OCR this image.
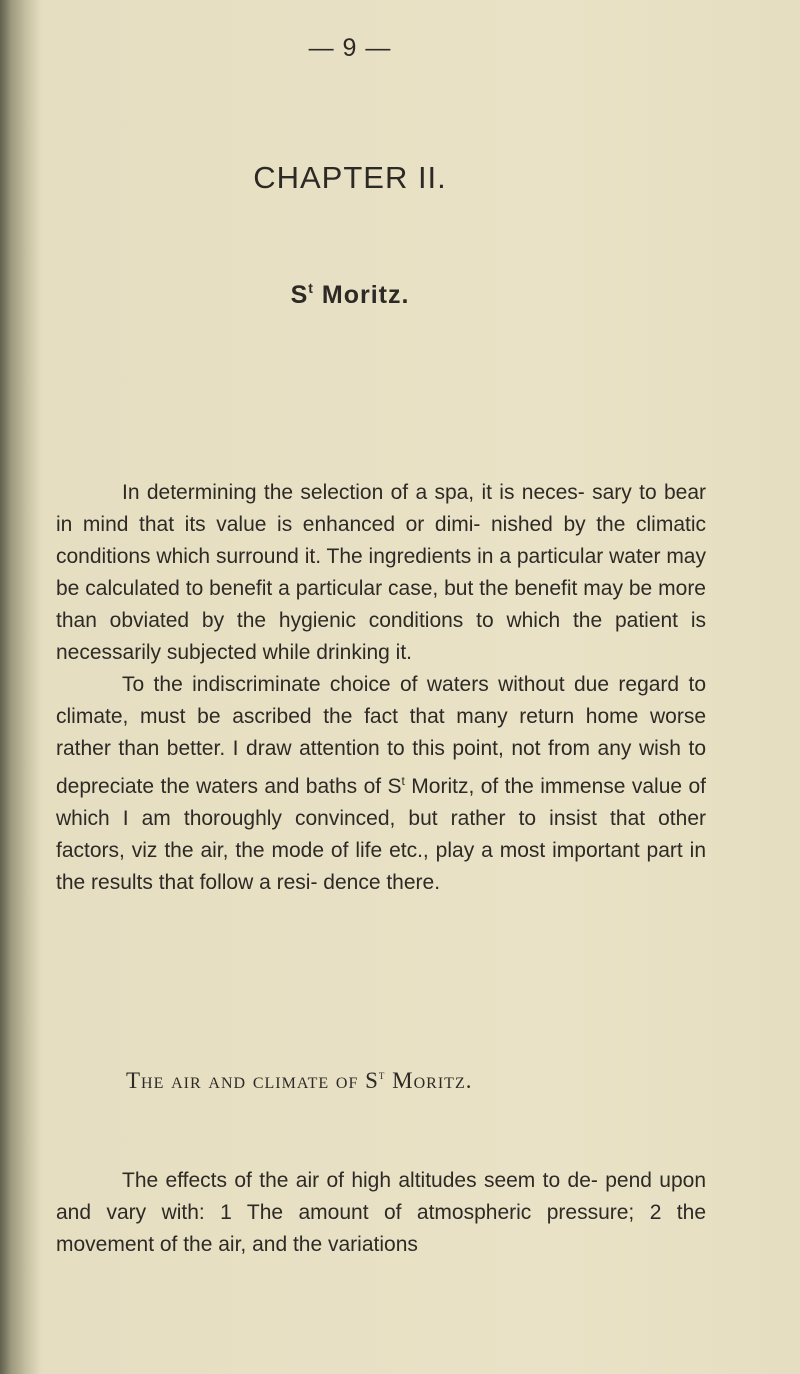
— 9 —
CHAPTER II.
$S^t$ Moritz.

In determining the selection of a spa, it is neces- sary to bear in mind that its value is enhanced or dimi- nished by the climatic conditions which surround it. The ingredients in a particular water may be calculated to benefit a particular case, but the benefit may be more than obviated by the hygienic conditions to which the patient is necessarily subjected while drinking it.

To the indiscriminate choice of waters without due regard to climate, must be ascribed the fact that many return home worse rather than better. I draw attention to this point, not from any wish to depreciate the waters and baths of $S^t$ Moritz, of the immense value of which I am thoroughly convinced, but rather to insist that other factors, viz the air, the mode of life etc., play a most important part in the results that follow a resi- dence there.

The air and climate of $S^t$ Moritz.

The effects of the air of high altitudes seem to de- pend upon and vary with: 1 The amount of atmospheric pressure; 2 the movement of the air, and the variations
